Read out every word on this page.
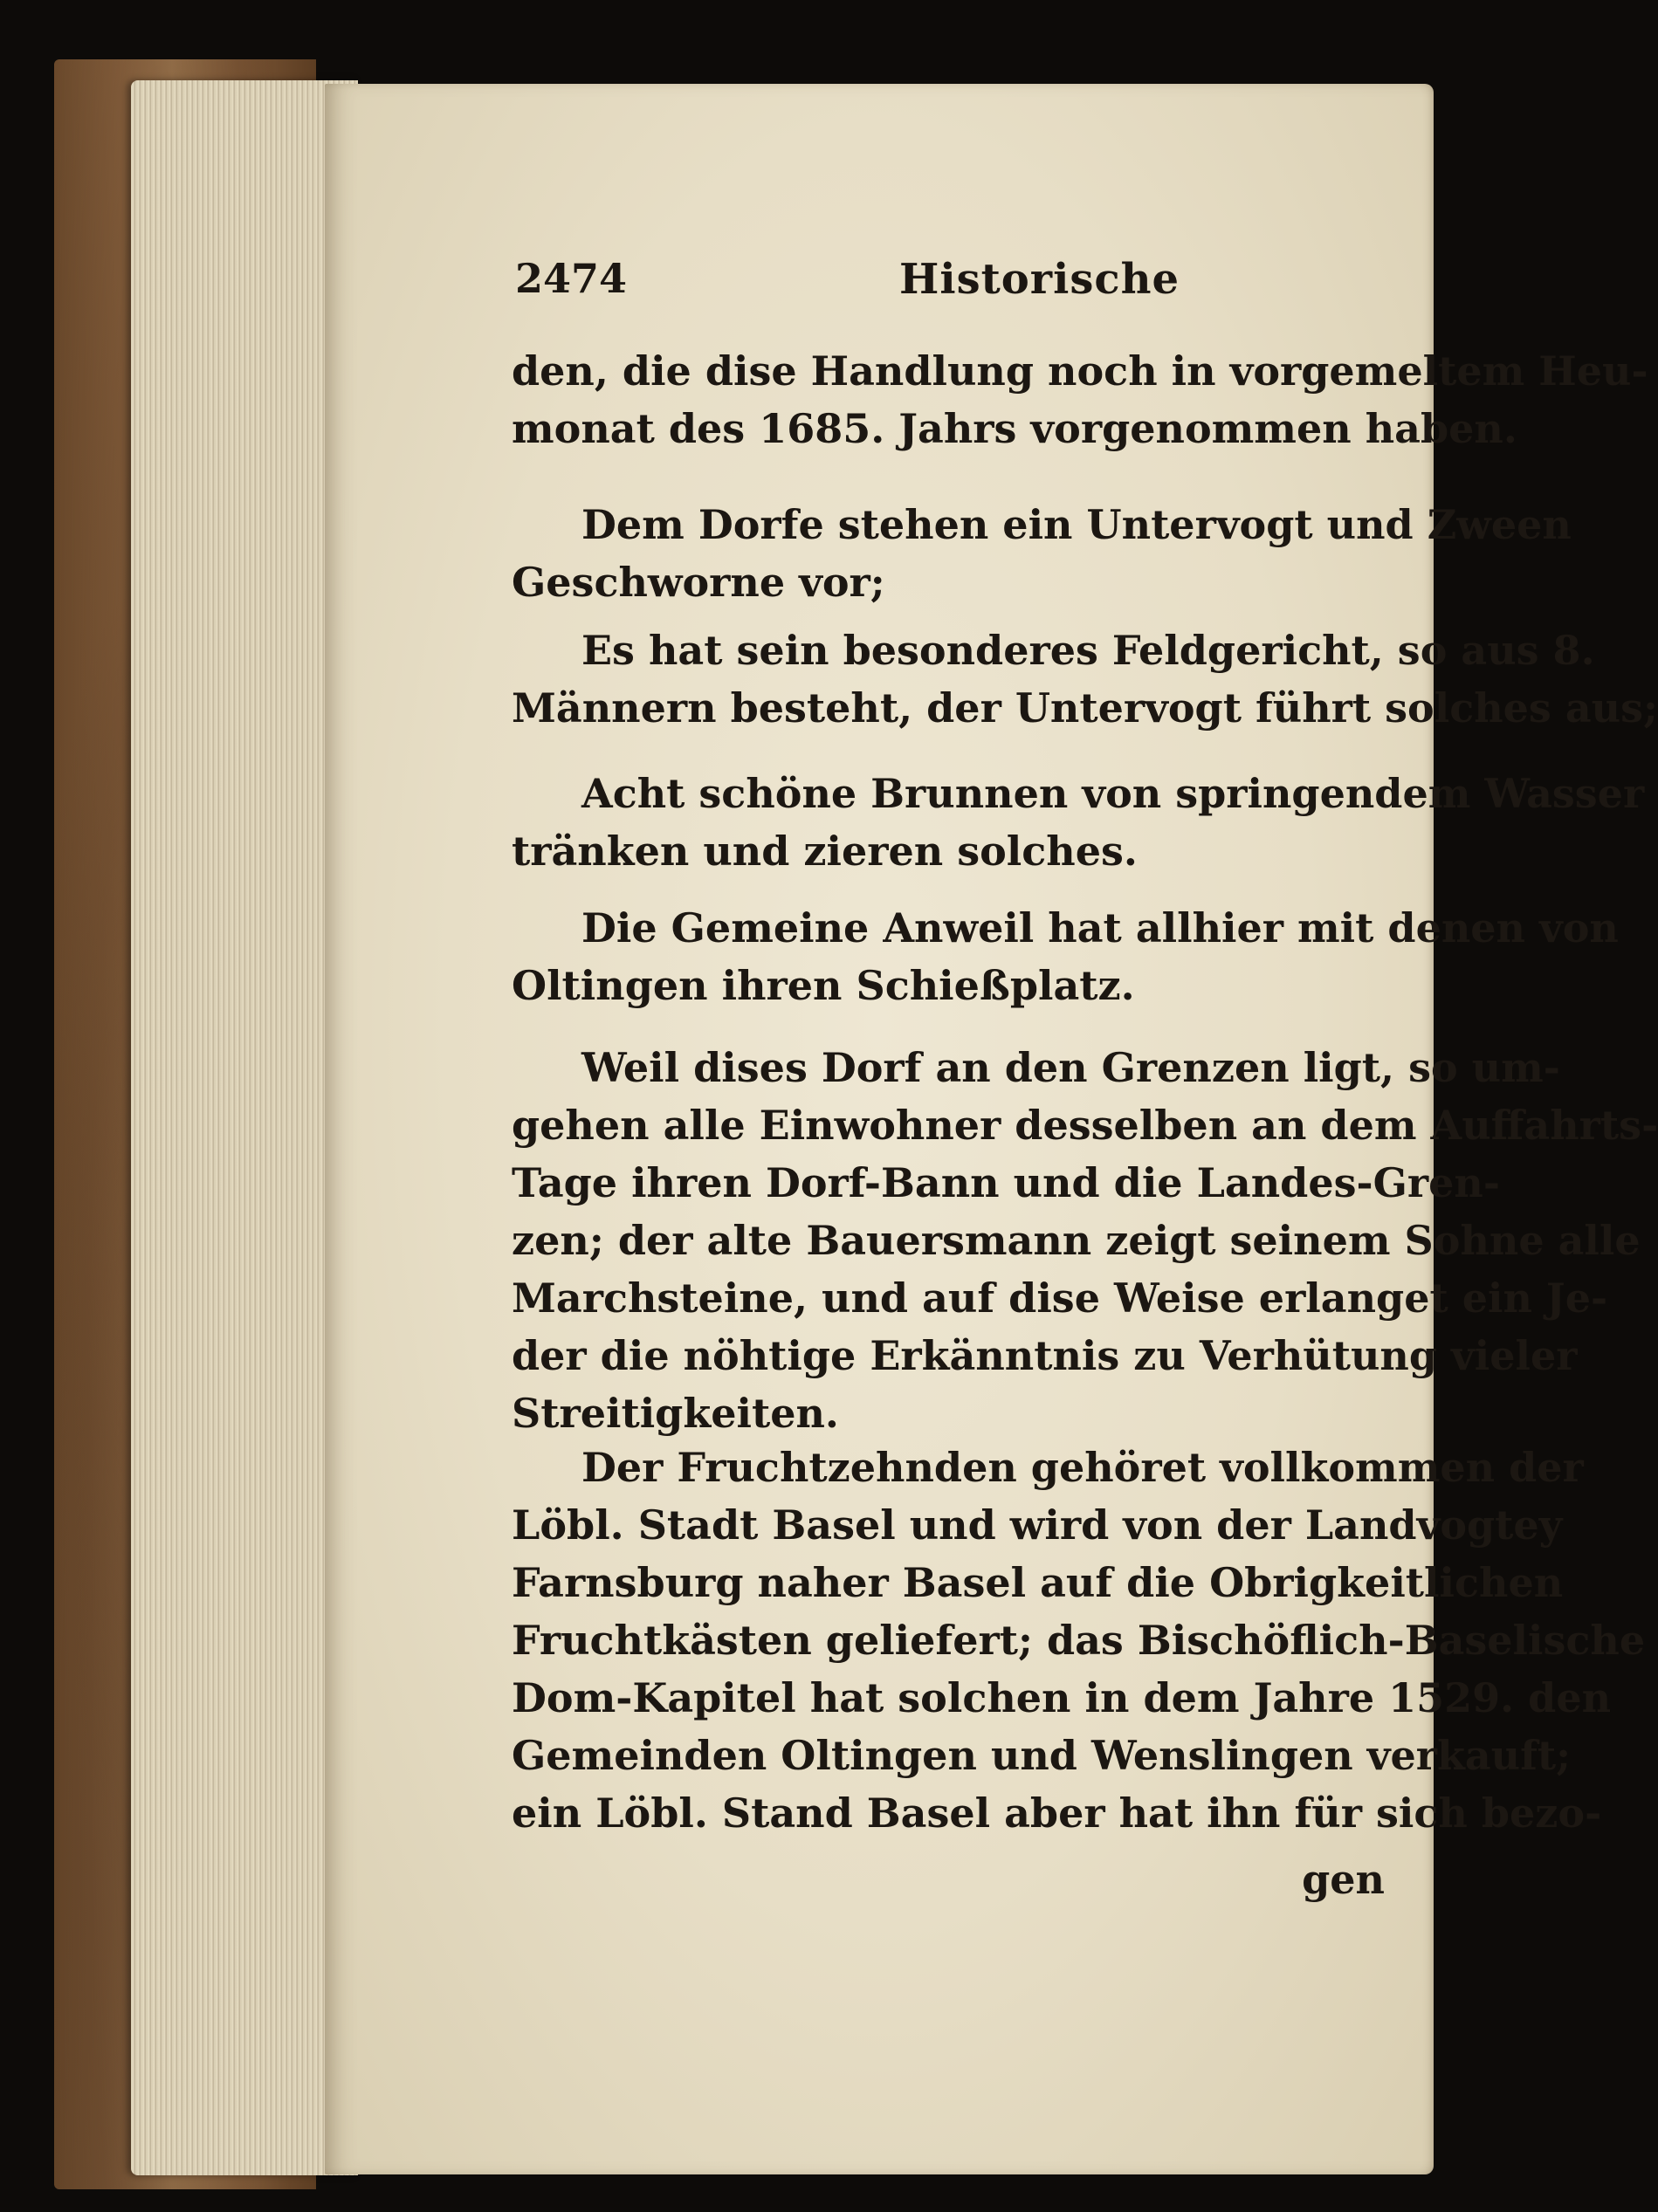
2474	Historische
den, die dise Handlung noch in vorgemeltem Heu-
monat des 1685. Jahrs vorgenommen haben.
Dem Dorfe stehen ein Untervogt und Zween
Geschworne vor;
Es hat sein besonderes Feldgericht, so aus 8.
Männern besteht, der Untervogt führt solches aus;
Acht schöne Brunnen von springendem Wasser
tränken und zieren solches.
Die Gemeine Anweil hat allhier mit denen von
Oltingen ihren Schießplatz.
Weil dises Dorf an den Grenzen ligt, so um-
gehen alle Einwohner desselben an dem Auffahrts-
Tage ihren Dorf-Bann und die Landes-Gren-
zen; der alte Bauersmann zeigt seinem Sohne alle
Marchsteine, und auf dise Weise erlanget ein Je-
der die nöhtige Erkänntnis zu Verhütung vieler
Streitigkeiten.
Der Fruchtzehnden gehöret vollkommen der
Löbl. Stadt Basel und wird von der Landvogtey
Farnsburg naher Basel auf die Obrigkeitlichen
Fruchtkästen geliefert; das Bischöflich-Baselische
Dom-Kapitel hat solchen in dem Jahre 1529. den
Gemeinden Oltingen und Wenslingen verkauft;
ein Löbl. Stand Basel aber hat ihn für sich bezo-
gen
